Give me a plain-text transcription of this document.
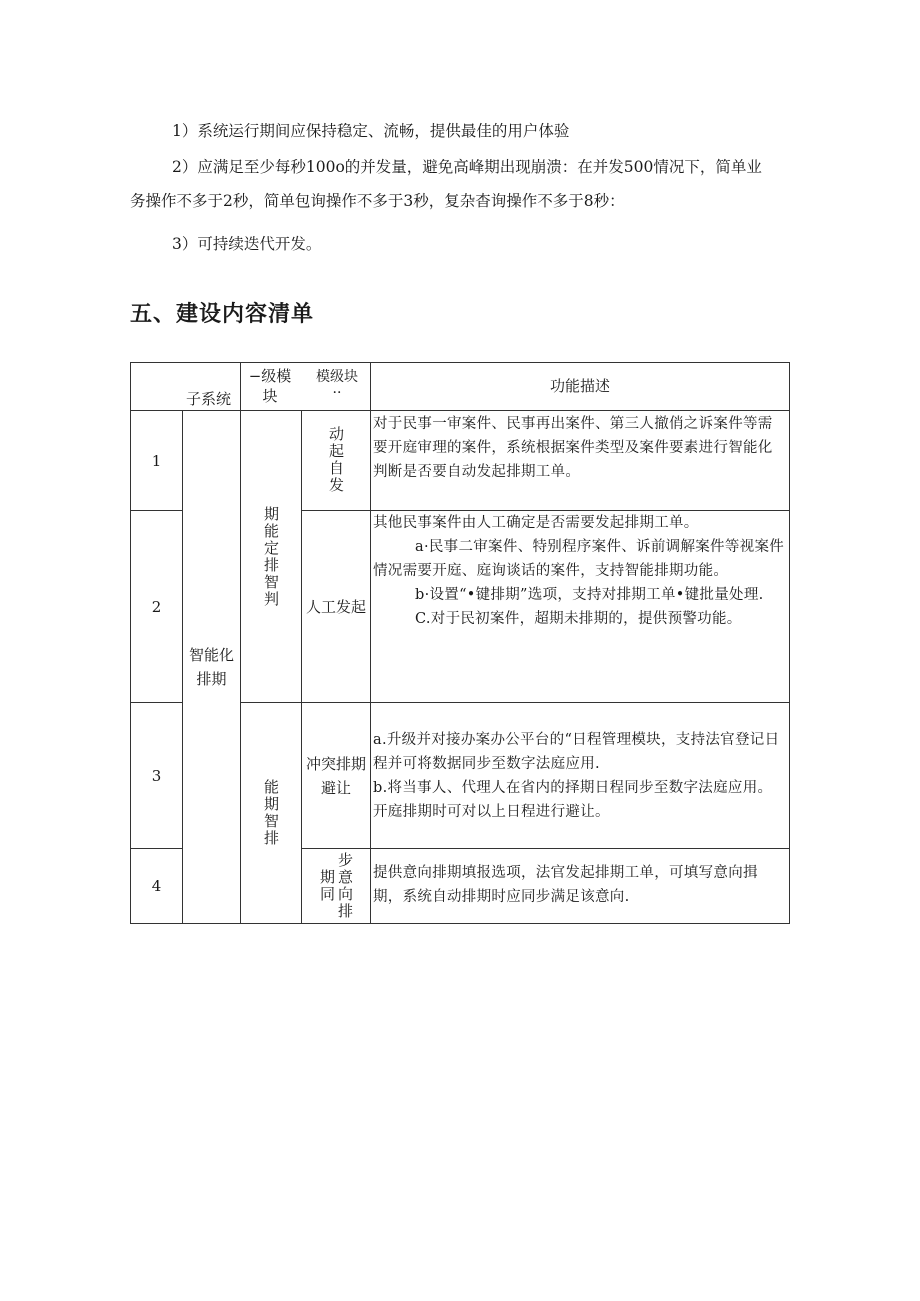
1）系统运行期间应保持稳定、流畅，提供最佳的用户体验
2）应满足至少每秒100o的并发量，避免高峰期出现崩溃：在并发500情况下，简单业
务操作不多于2秒，简单包询操作不多于3秒，复杂杳询操作不多于8秒：
3）可持续迭代开发。
五、建设内容清单
子系统
−级模块
模级块··	功能描述
1
2
3
4
智能化排期
期能定排智判
能期智排
动起自发
人工发起
冲突排期避让
步意向排期同
对于民事一审案件、民事再出案件、第三人撤俏之诉案件等需要开庭审理的案件，系统根据案件类型及案件要素进行智能化判断是否要自动发起排期工单。
其他民事案件由人工确定是否需要发起排期工单。
a·民事二审案件、特别程序案件、诉前调解案件等视案件情况需要开庭、庭询谈话的案件，支持智能排期功能。
b·设置“•键排期”选项，支持对排期工单•键批量处理.
C.对于民初案件，超期未排期的，提供预警功能。
a.升级并对接办案办公平台的“日程管理模块，支持法官登记日程并可将数据同步至数字法庭应用.
b.将当事人、代理人在省内的择期日程同步至数字法庭应用。
开庭排期时可对以上日程进行避让。
提供意向排期填报选项，法官发起排期工单，可填写意向揖期，系统自动排期时应同步满足该意向.
